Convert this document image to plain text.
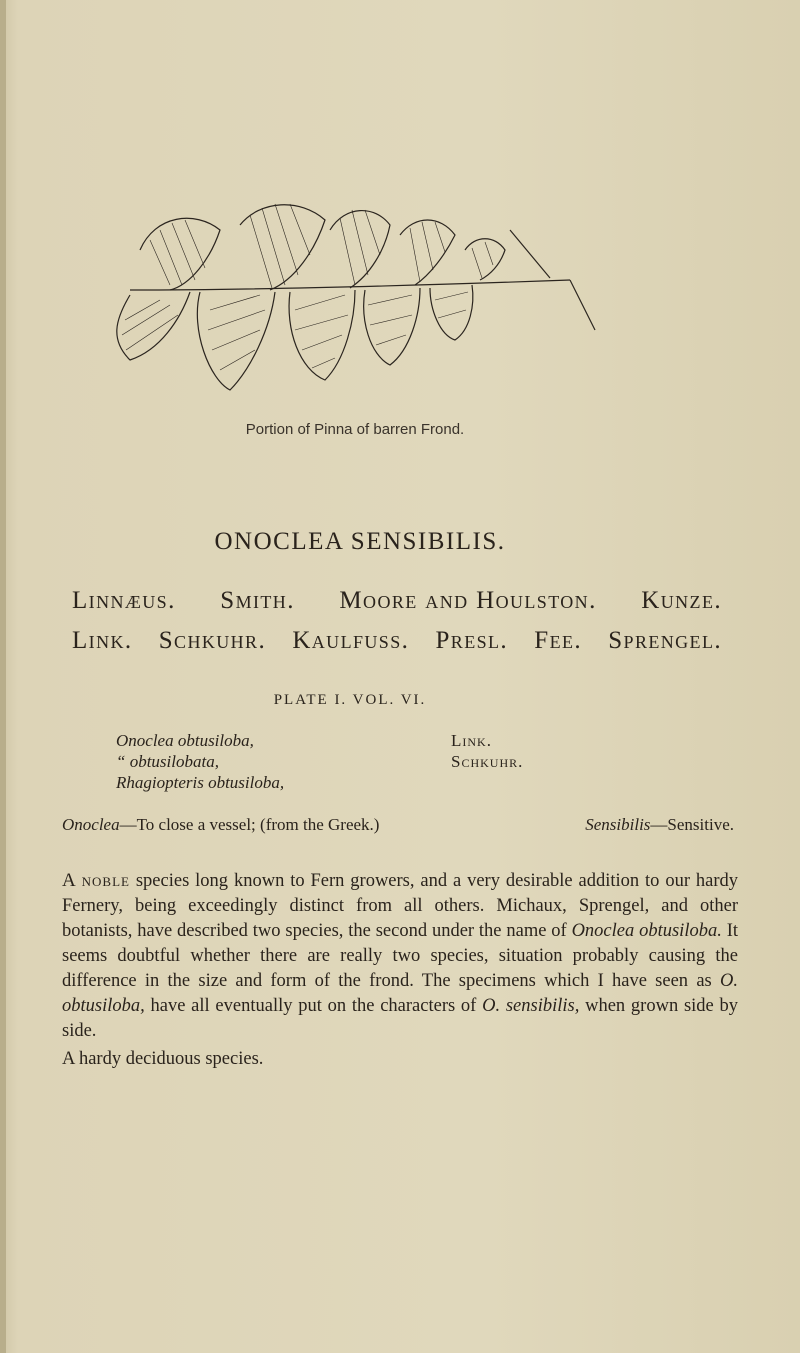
Portion of Pinna of barren Frond.
ONOCLEA SENSIBILIS.
Linnæus. Smith. Moore and Houlston. Kunze.
Link. Schkuhr. Kaulfuss. Presl. Fee. Sprengel.
PLATE I. VOL. VI.
Onoclea obtusiloba,	Link.
“ obtusilobata,	Schkuhr.
Rhagiopteris obtusiloba,
Onoclea—To close a vessel; (from the Greek.)	Sensibilis—Sensitive.

A noble species long known to Fern growers, and a very desirable addition to our hardy Fernery, being exceedingly distinct from all others. Michaux, Sprengel, and other botanists, have described two species, the second under the name of Onoclea obtusiloba. It seems doubtful whether there are really two species, situation probably causing the difference in the size and form of the frond. The specimens which I have seen as O. obtusiloba, have all eventually put on the characters of O. sensibilis, when grown side by side.

A hardy deciduous species.
